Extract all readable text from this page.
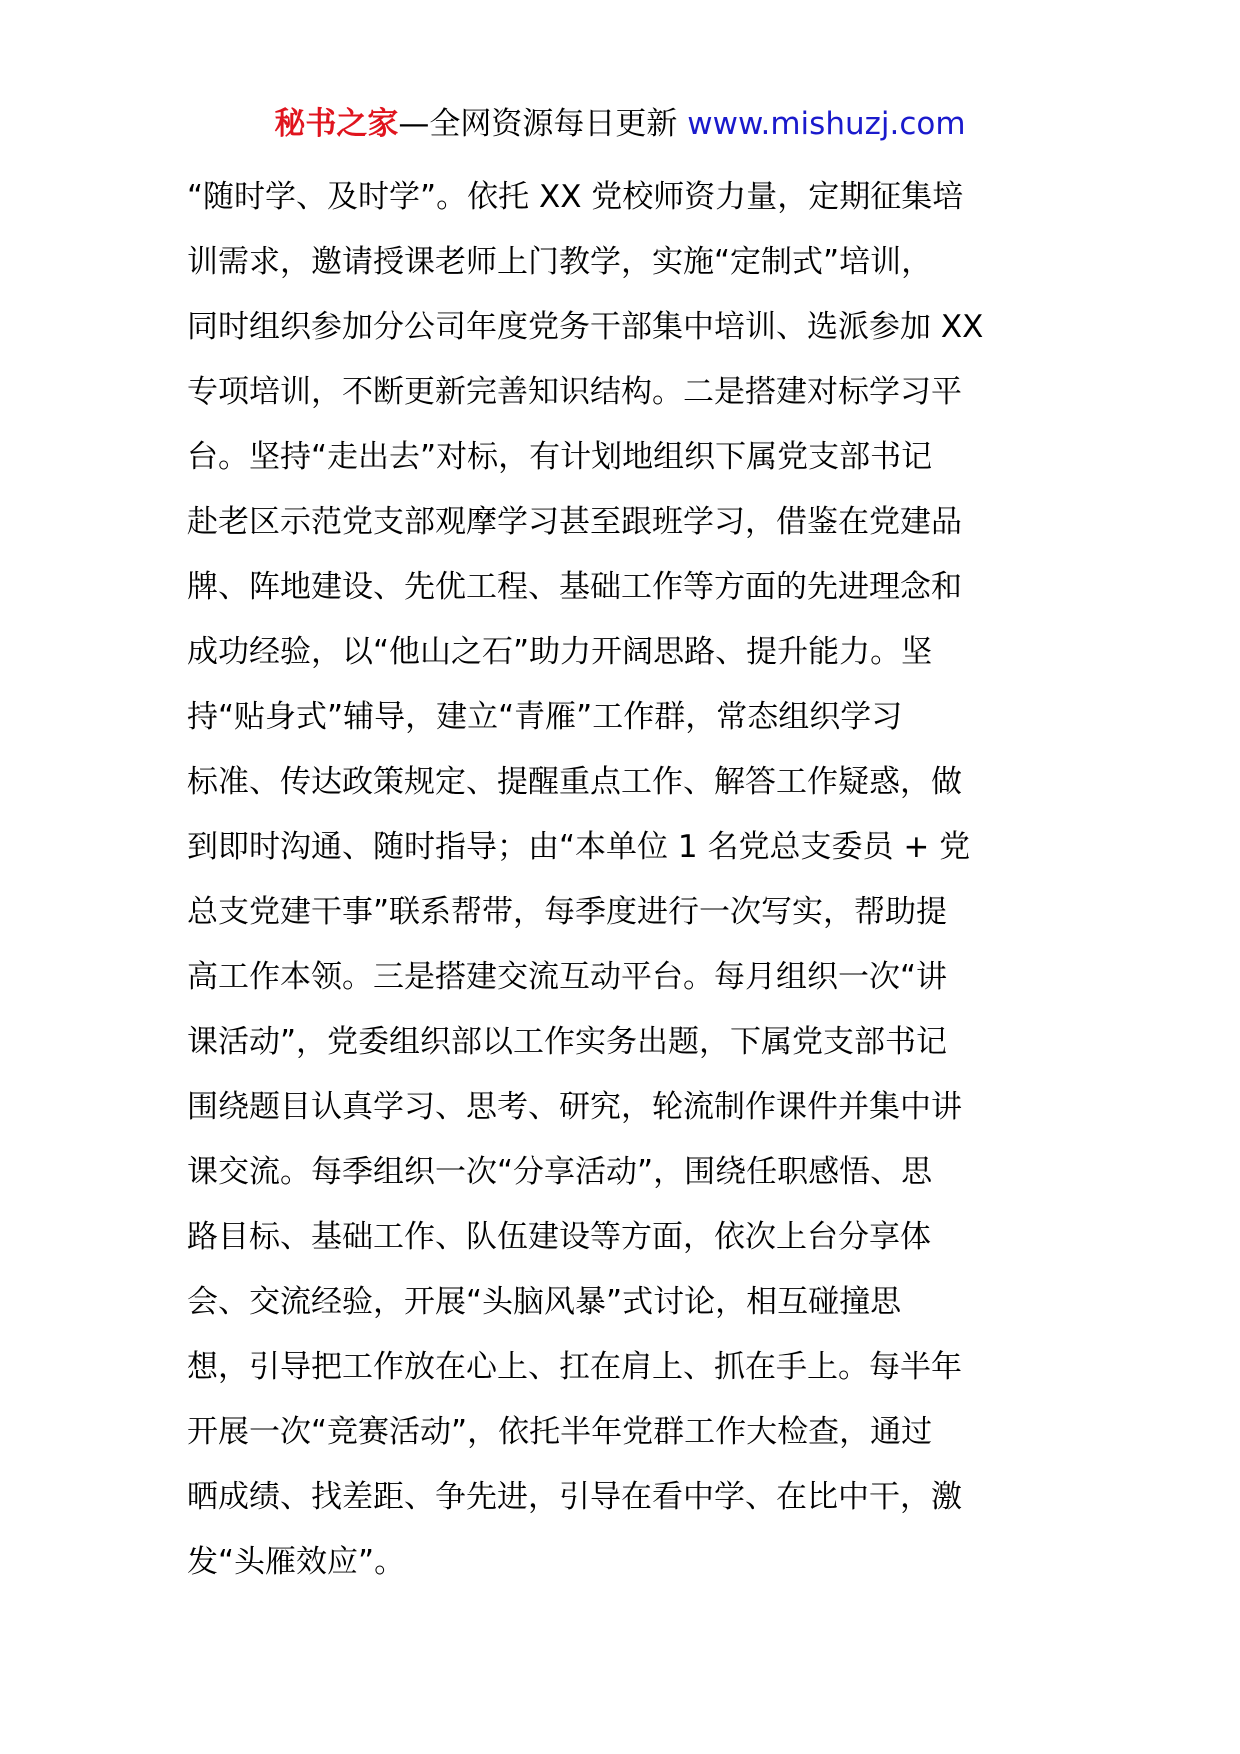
秘书之家—全网资源每日更新 www.mishuzj.com
“随时学、及时学”。依托 XX 党校师资力量，定期征集培
训需求，邀请授课老师上门教学，实施“定制式”培训，
同时组织参加分公司年度党务干部集中培训、选派参加 XX
专项培训，不断更新完善知识结构。二是搭建对标学习平
台。坚持“走出去”对标，有计划地组织下属党支部书记
赴老区示范党支部观摩学习甚至跟班学习，借鉴在党建品
牌、阵地建设、先优工程、基础工作等方面的先进理念和
成功经验，以“他山之石”助力开阔思路、提升能力。坚
持“贴身式”辅导，建立“青雁”工作群，常态组织学习
标准、传达政策规定、提醒重点工作、解答工作疑惑，做
到即时沟通、随时指导；由“本单位 1 名党总支委员 + 党
总支党建干事”联系帮带，每季度进行一次写实，帮助提
高工作本领。三是搭建交流互动平台。每月组织一次“讲
课活动”，党委组织部以工作实务出题，下属党支部书记
围绕题目认真学习、思考、研究，轮流制作课件并集中讲
课交流。每季组织一次“分享活动”，围绕任职感悟、思
路目标、基础工作、队伍建设等方面，依次上台分享体
会、交流经验，开展“头脑风暴”式讨论，相互碰撞思
想，引导把工作放在心上、扛在肩上、抓在手上。每半年
开展一次“竞赛活动”，依托半年党群工作大检查，通过
晒成绩、找差距、争先进，引导在看中学、在比中干，激
发“头雁效应”。
